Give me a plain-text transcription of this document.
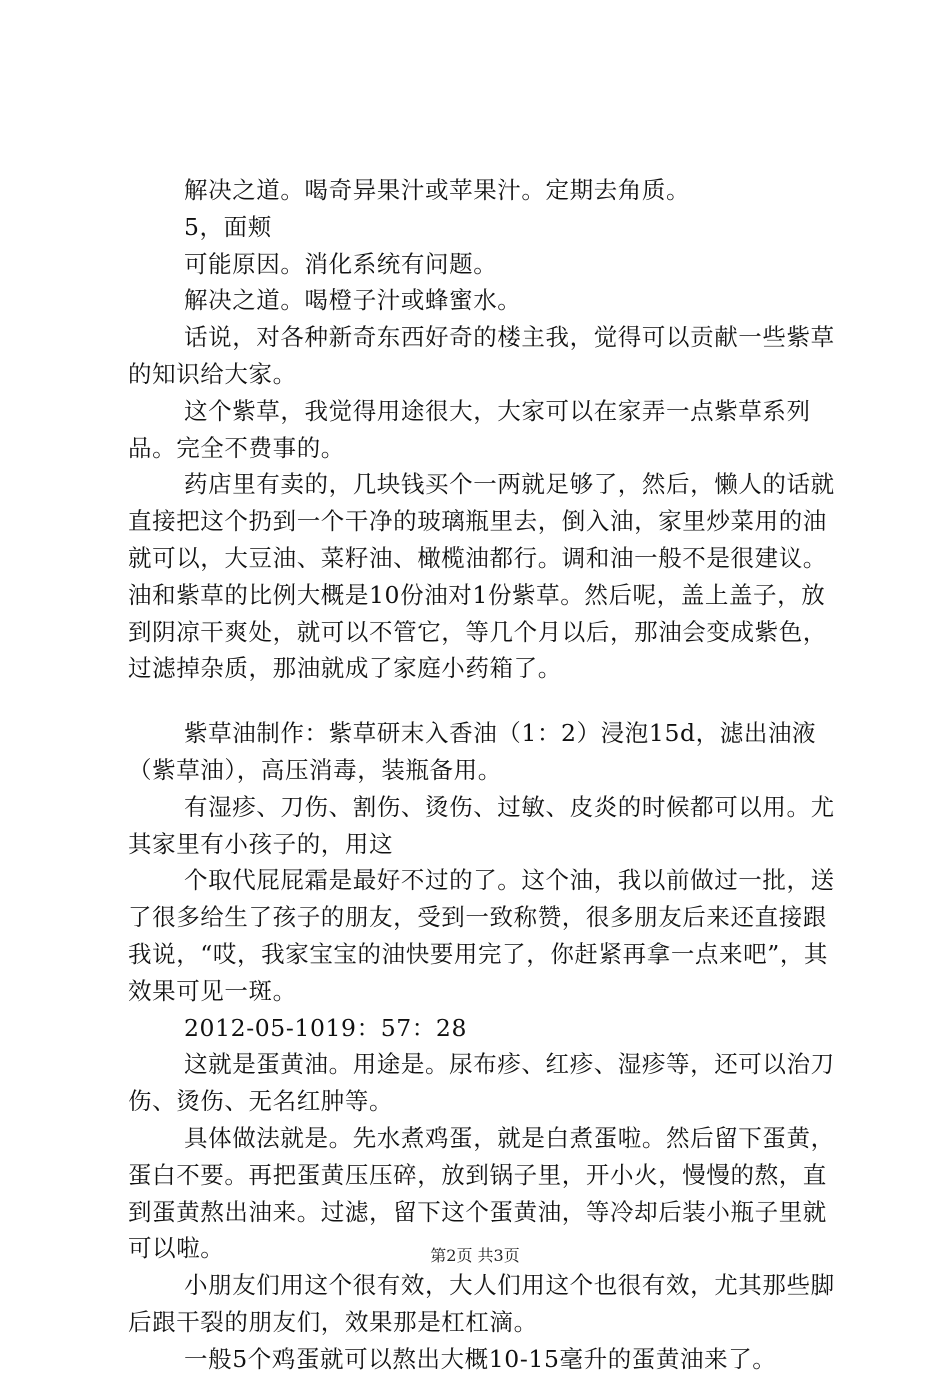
解决之道。喝奇异果汁或苹果汁。定期去角质。

5，面颊

可能原因。消化系统有问题。

解决之道。喝橙子汁或蜂蜜水。

话说，对各种新奇东西好奇的楼主我，觉得可以贡献一些紫草的知识给大家。

这个紫草，我觉得用途很大，大家可以在家弄一点紫草系列品。完全不费事的。

药店里有卖的，几块钱买个一两就足够了，然后，懒人的话就直接把这个扔到一个干净的玻璃瓶里去，倒入油，家里炒菜用的油就可以，大豆油、菜籽油、橄榄油都行。调和油一般不是很建议。油和紫草的比例大概是10份油对1份紫草。然后呢，盖上盖子，放到阴凉干爽处，就可以不管它，等几个月以后，那油会变成紫色，过滤掉杂质，那油就成了家庭小药箱了。

紫草油制作：紫草研末入香油（1：2）浸泡15d，滤出油液（紫草油），高压消毒，装瓶备用。

有湿疹、刀伤、割伤、烫伤、过敏、皮炎的时候都可以用。尤其家里有小孩子的，用这

个取代屁屁霜是最好不过的了。这个油，我以前做过一批，送了很多给生了孩子的朋友，受到一致称赞，很多朋友后来还直接跟我说，“哎，我家宝宝的油快要用完了，你赶紧再拿一点来吧”，其效果可见一斑。

2012-05-1019：57：28

这就是蛋黄油。用途是。尿布疹、红疹、湿疹等，还可以治刀伤、烫伤、无名红肿等。

具体做法就是。先水煮鸡蛋，就是白煮蛋啦。然后留下蛋黄，蛋白不要。再把蛋黄压压碎，放到锅子里，开小火，慢慢的熬，直到蛋黄熬出油来。过滤，留下这个蛋黄油，等冷却后装小瓶子里就可以啦。

小朋友们用这个很有效，大人们用这个也很有效，尤其那些脚后跟干裂的朋友们，效果那是杠杠滴。

一般5个鸡蛋就可以熬出大概10-15毫升的蛋黄油来了。

第2页 共3页
